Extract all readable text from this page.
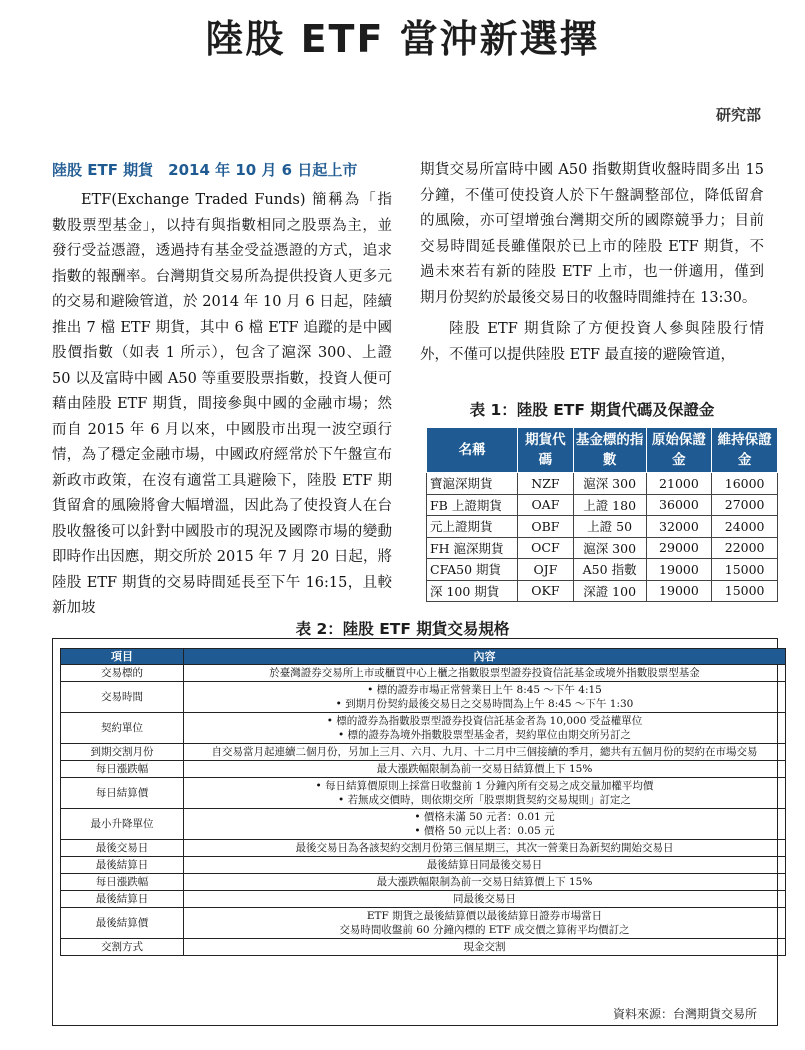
陸股 ETF 當沖新選擇
研究部
陸股 ETF 期貨　2014 年 10 月 6 日起上市

ETF(Exchange Traded Funds) 簡稱為「指數股票型基金」，以持有與指數相同之股票為主，並發行受益憑證，透過持有基金受益憑證的方式，追求指數的報酬率。台灣期貨交易所為提供投資人更多元的交易和避險管道，於 2014 年 10 月 6 日起，陸續推出 7 檔 ETF 期貨，其中 6 檔 ETF 追蹤的是中國股價指數（如表 1 所示），包含了滬深 300、上證 50 以及富時中國 A50 等重要股票指數，投資人便可藉由陸股 ETF 期貨，間接參與中國的金融市場；然而自 2015 年 6 月以來，中國股市出現一波空頭行情，為了穩定金融市場，中國政府經常於下午盤宣布新政市政策，在沒有適當工具避險下，陸股 ETF 期貨留倉的風險將會大幅增溫，因此為了使投資人在台股收盤後可以針對中國股市的現況及國際市場的變動即時作出因應，期交所於 2015 年 7 月 20 日起，將陸股 ETF 期貨的交易時間延長至下午 16:15，且較新加坡

期貨交易所富時中國 A50 指數期貨收盤時間多出 15 分鐘，不僅可使投資人於下午盤調整部位，降低留倉的風險，亦可望增強台灣期交所的國際競爭力；目前交易時間延長雖僅限於已上市的陸股 ETF 期貨，不過未來若有新的陸股 ETF 上市，也一併適用，僅到期月份契約於最後交易日的收盤時間維持在 13:30。

陸股 ETF 期貨除了方便投資人參與陸股行情外，不僅可以提供陸股 ETF 最直接的避險管道，

表 1：陸股 ETF 期貨代碼及保證金
名稱	期貨代碼	基金標的指數	原始保證金	維持保證金
寶滬深期貨	NZF	滬深 300	21000	16000
FB 上證期貨	OAF	上證 180	36000	27000
元上證期貨	OBF	上證 50	32000	24000
FH 滬深期貨	OCF	滬深 300	29000	22000
CFA50 期貨	OJF	A50 指數	19000	15000
深 100 期貨	OKF	深證 100	19000	15000
表 2：陸股 ETF 期貨交易規格
項目	內容
交易標的	於臺灣證券交易所上市或櫃買中心上櫃之指數股票型證券投資信託基金或境外指數股票型基金

交易時間	• 標的證券市場正常營業日上午 8:45 ～下午 4:15
• 到期月份契約最後交易日之交易時間為上午 8:45 ～下午 1:30

契約單位	• 標的證券為指數股票型證券投資信託基金者為 10,000 受益權單位
• 標的證券為境外指數股票型基金者，契約單位由期交所另訂之

到期交割月份	自交易當月起連續二個月份，另加上三月、六月、九月、十二月中三個接續的季月，總共有五個月份的契約在市場交易

每日漲跌幅	最大漲跌幅限制為前一交易日結算價上下 15%

每日結算價	• 每日結算價原則上採當日收盤前 1 分鐘內所有交易之成交量加權平均價
• 若無成交價時，則依期交所「股票期貨契約交易規則」訂定之

最小升降單位	• 價格未滿 50 元者：0.01 元
• 價格 50 元以上者：0.05 元

最後交易日	最後交易日為各該契約交割月份第三個星期三，其次一營業日為新契約開始交易日

最後結算日	最後結算日同最後交易日

每日漲跌幅	最大漲跌幅限制為前一交易日結算價上下 15%

最後結算日	同最後交易日

最後結算價	ETF 期貨之最後結算價以最後結算日證券市場當日
交易時間收盤前 60 分鐘內標的 ETF 成交價之算術平均價訂之

交割方式	現金交割
資料來源：台灣期貨交易所
